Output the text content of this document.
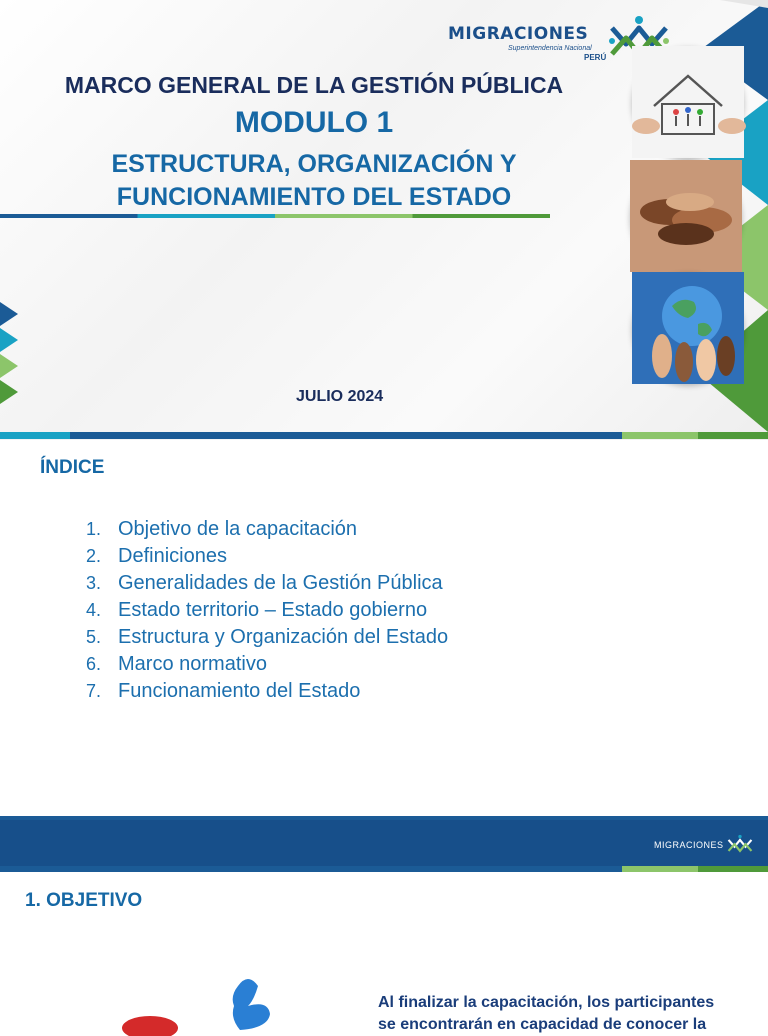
MIGRACIONES
Superintendencia Nacional
PERÚ
MARCO GENERAL DE LA GESTIÓN PÚBLICA
MODULO 1
ESTRUCTURA, ORGANIZACIÓN Y
FUNCIONAMIENTO DEL ESTADO
JULIO 2024
ÍNDICE
1. Objetivo de la capacitación
2. Definiciones
3. Generalidades de la Gestión Pública
4. Estado territorio – Estado gobierno
5. Estructura y Organización del Estado
6. Marco normativo
7. Funcionamiento del Estado
MIGRACIONES
1. OBJETIVO
Al finalizar la capacitación, los participantes
se encontrarán en capacidad de conocer la
